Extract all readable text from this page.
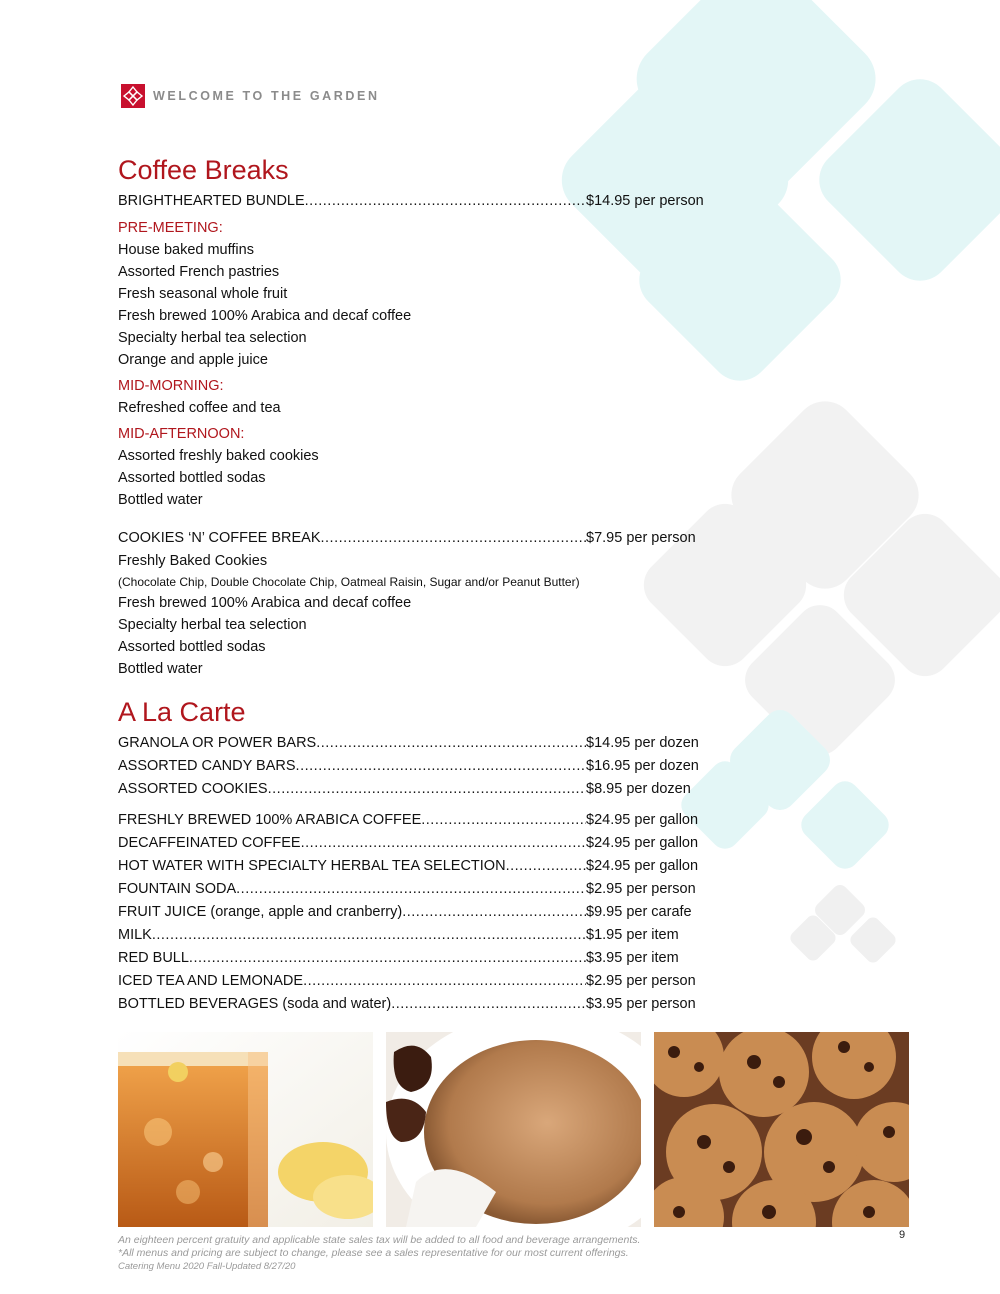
WELCOME TO THE GARDEN
Coffee Breaks
BRIGHTHEARTED BUNDLE .....	$14.95 per person
PRE-MEETING:
House baked muffins
Assorted French pastries
Fresh seasonal whole fruit
Fresh brewed 100% Arabica and decaf coffee
Specialty herbal tea selection
Orange and apple juice
MID-MORNING:
Refreshed coffee and tea
MID-AFTERNOON:
Assorted freshly baked cookies
Assorted bottled sodas
Bottled water
COOKIES ‘N’ COFFEE BREAK .....	$7.95 per person
Freshly Baked Cookies
(Chocolate Chip, Double Chocolate Chip, Oatmeal Raisin, Sugar and/or Peanut Butter)
Fresh brewed 100% Arabica and decaf coffee
Specialty herbal tea selection
Assorted bottled sodas
Bottled water
A La Carte
GRANOLA OR POWER BARS .....	$14.95 per dozen
ASSORTED CANDY BARS .....	$16.95 per dozen
ASSORTED COOKIES .....	$8.95 per dozen
FRESHLY BREWED 100% ARABICA COFFEE .....	$24.95 per gallon
DECAFFEINATED COFFEE .....	$24.95 per gallon
HOT WATER WITH SPECIALTY HERBAL TEA SELECTION .....	$24.95 per gallon
FOUNTAIN SODA .....	$2.95 per person
FRUIT JUICE (orange, apple and cranberry) .....	$9.95 per carafe
MILK .....	$1.95 per item
RED BULL .....	$3.95 per item
ICED TEA AND LEMONADE .....	$2.95 per person
BOTTLED BEVERAGES (soda and water) .....	$3.95 per person
An eighteen percent gratuity and applicable state sales tax will be added to all food and beverage arrangements.
*All menus and pricing are subject to change, please see a sales representative for our most current offerings.
Catering Menu 2020 Fall-Updated 8/27/20
9
